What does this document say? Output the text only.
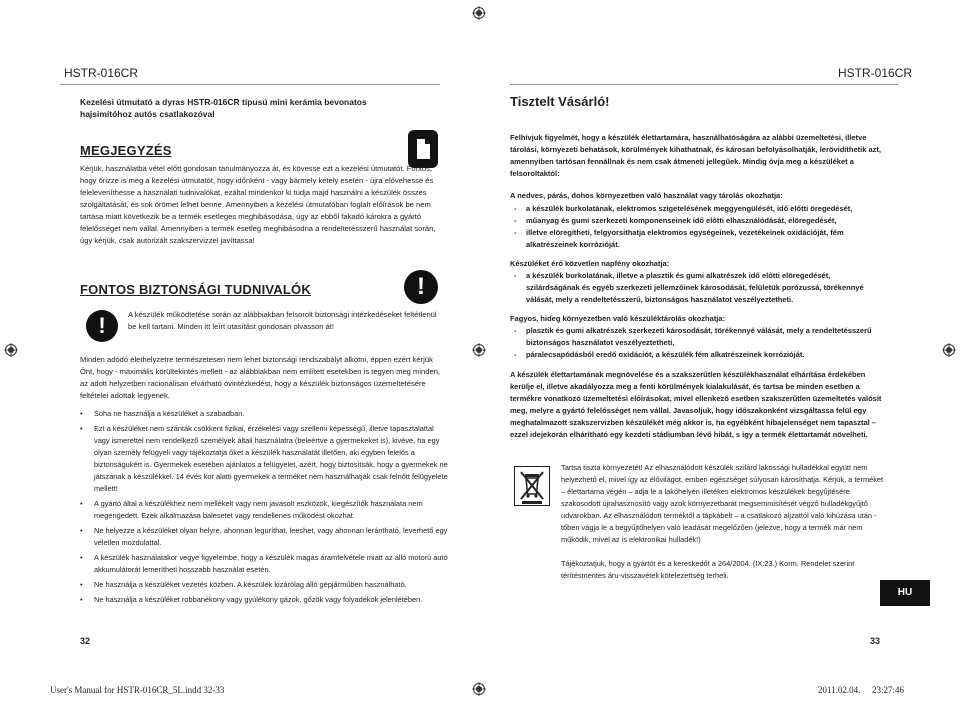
HSTR-016CR	HSTR-016CR
Kezelési útmutató a dyras HSTR-016CR típusú mini kerámia bevonatos hajsimítóhoz autós csatlakozóval
MEGJEGYZÉS
Kérjük, használatba vétel előtt gondosan tanulmányozza át, és kövesse ezt a kezelési útmutatót. Fontos, hogy őrizze is meg a kezelési útmutatót, hogy időnként - vagy bármely kétely esetén - újra elővehesse és feleleveníthesse a használati tudnivalókat, ezáltal mindenkor ki tudja majd használni a készülék összes szolgáltatását, és sok örömet lelhet benne. Amennyiben a kezelési útmutatóban foglalt előírások be nem tartása miatt következik be a termék esetleges meghibásodása, úgy az ebből fakadó károkra a gyártó felelősséget nem vállal. Amennyiben a termék esetleg meghibásodna a rendeltetésszerű használat során, úgy kérjük, csak autorizált szakszervizzel javíttassa!
FONTOS BIZTONSÁGI TUDNIVALÓK	!
!	A készülék működtetése során az alábbiakban felsorolt biztonsági intézkedéseket feltétlenül be kell tartani. Minden itt leírt utasítást gondosan olvasson át!
Minden adódó élethelyzetre természetesen nem lehet biztonsági rendszabályt alkotni, éppen ezért kérjük Önt, hogy - maximális körültekintés mellett - az alábbiakban nem említett esetekben is tegyen meg minden, az adott helyzetben racionálisan elvárható óvintézkedést, hogy a készülék biztonságos üzemeltetésére feltételei adottak legyenek.
• Soha ne használja a készüléket a szabadban.
• Ezt a készüléket nem szánták csökkent fizikai, érzékelési vagy szellemi képességű, illetve tapasztalattal vagy ismerettel nem rendelkező személyek általi használatra (beleértve a gyermekeket is), kivéve, ha egy olyan személy felügyeli vagy tájékoztatja őket a készülék használatát illetően, aki egyben felelős a biztonságukért is. Gyermekek esetében ajánlatos a felügyelet, azért, hogy biztosítsák, hogy a gyermekek ne játszanak a készülékkel. 14 évés kor alatti gyermekek a terméket nem használhatják csak felnőtt felügyelete mellett!
• A gyártó által a készülékhez nem mellékelt vagy nem javasolt eszközök, kiegészítők használata nem megengedett. Ezek alkalmazása balesetet vagy rendellenes működést okozhat.
• Ne helyezze a készüléket olyan helyre, ahonnan leguríthat, leeshet, vagy ahonnan lerántható, leverhető egy véletlen mozdulattal.
• A készülék használatakor vegye figyelembe, hogy a készülék magas áramfelvétele miatt az álló motorú autó akkumulátorát lemerítheti hosszabb használat esetén.
• Ne használja a készüléket vezetés közben. A készülék kizárólag álló gépjárműben használható.
• Ne használja a készüléket robbanékony vagy gyúlékony gázok, gőzök vagy folyadékok jelenlétében.
32
Tisztelt Vásárló!
Felhívjuk figyelmét, hogy a készülék élettartamára, használhatóságára az alábbi üzemeltetési, illetve tárolási, környezeti behatások, körülmények kihathatnak, és károsan befolyásolhatják, lerövidíthetik azt, amennyiben tartósan fennállnak és nem csak átmeneti jellegűek. Mindig óvja meg a készüléket a felsoroltaktól:
A nedves, párás, dohos környezetben való használat vagy tárolás okozhatja:
- a készülék burkolatának, elektromos szigetelésének meggyengülését, idő előtti öregedését,
- műanyag és gumi szerkezeti komponenseinek idő előtti elhasználódását, elöregedését,
- illetve elöregítheti, felgyorsíthatja elektromos egységeinek, vezetékeinek oxidációját, fém alkatrészeinek korrózióját.
Készüléket érő közvetlen napfény okozhatja:
- a készülék burkolatának, illetve a plasztik és gumi alkatrészek idő előtti elöregedését, szilárdságának és egyéb szerkezeti jellemzőinek károsodását, felületük porózussá, törékennyé válását, mely a rendeltetésszerű, biztonságos használatot veszélyeztetheti.
Fagyos, hideg környezetben való készüléktárolás okozhatja:
- plasztik és gumi alkatrészek szerkezeti károsodását, törékennyé válását, mely a rendeltetésszerű biztonságos használatot veszélyeztetheti,
- páralecsapódásból eredő oxidációt, a készülék fém alkatrészeinek korrózióját.
A készülék élettartamának megnövelése és a szakszerűtlen készülékhasználat elhárítása érdekében kerülje el, illetve akadályozza meg a fenti körülmények kialakulását, és tartsa be minden esetben a termékre vonatkozó üzemeltetési előírásokat, mivel ellenkező esetben szakszerűtlen üzemeltetés valósít meg, melyre a gyártó felelősséget nem vállal. Javasoljuk, hogy időszakonként vizsgáltassa felül egy meghatalmazott szakszervizben készülékét még akkor is, ha egyébként hibajelenséget nem tapasztal – ezzel idejekorán elhárítható egy kezdeti stádiumban lévő hibát, s így a termék élettartamát növelheti.
Tartsa tiszta környezetét! Az elhasználódott készülék szilárd lakossági hulladékkal együtt nem helyezhető el, mivel így az élővilágot, emberi egészséget súlyosan károsíthatja. Kérjük, a terméket – élettartama végén – adja le a lakóhelyén illetékes elektromos készülékek begyűjtésére szakosodott újrahasznosító vagy azok környezetbarát megsemmisítését végző hulladékgyűjtő udvarokban. Az elhasználódott terméktől a tápkábelt – a csatlakozó aljzattól való kihúzása után - tőben vágja le a begyűjtőhelyen való leadását megelőzően (jelezve, hogy a termék már nem működik, mivel az is elektronikai hulladék!)
Tájékoztatjuk, hogy a gyártót és a kereskedőt a 264/2004. (IX:23.) Korm. Rendelet szerint térítésmentes áru-visszavételi kötelezettség terheli.
HU
33
User's Manual for HSTR-016CR_5L.indd 32-33	2011.02.04. 23:27:46
